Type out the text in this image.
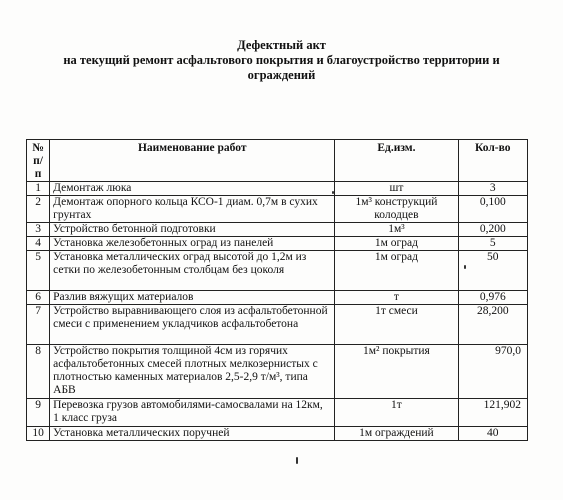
Дефектный акт
на текущий ремонт асфальтового покрытия и благоустройство территории и
ограждений
№ п/п	Наименование работ	Ед.изм.	Кол-во
1	Демонтаж люка	шт	3
2	Демонтаж опорного кольца КСО-1 диам. 0,7м в сухих грунтах	1м³ конструкций колодцев	0,100
3	Устройство бетонной подготовки	1м³	0,200
4	Установка железобетонных оград из панелей	1м оград	5
5	Установка металлических оград высотой до 1,2м из сетки по железобетонным столбцам без цоколя	1м оград	50
6	Разлив вяжущих материалов	т	0,976
7	Устройство выравнивающего слоя из асфальтобетонной смеси с применением укладчиков асфальтобетона	1т смеси	28,200
8	Устройство покрытия толщиной 4см из горячих асфальтобетонных смесей плотных мелкозернистых с плотностью каменных материалов 2,5-2,9 т/м³, типа АБВ	1м² покрытия	970,0
9	Перевозка грузов автомобилями-самосвалами на 12км, 1 класс груза	1т	121,902
10	Установка металлических поручней	1м ограждений	40
